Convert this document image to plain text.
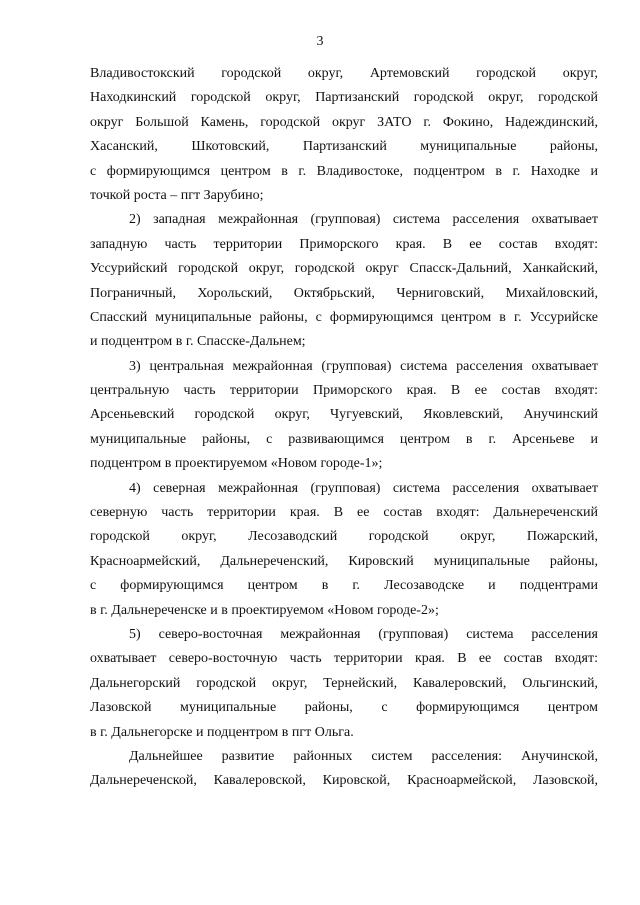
3
Владивостокский городской округ, Артемовский городской округ,
Находкинский городской округ, Партизанский городской округ, городской
округ Большой Камень, городской округ ЗАТО г. Фокино, Надеждинский,
Хасанский, Шкотовский, Партизанский муниципальные районы,
с формирующимся центром в г. Владивостоке, подцентром в г. Находке и
точкой роста – пгт Зарубино;
2) западная межрайонная (групповая) система расселения охватывает
западную часть территории Приморского края. В ее состав входят:
Уссурийский городской округ, городской округ Спасск-Дальний, Ханкайский,
Пограничный, Хорольский, Октябрьский, Черниговский, Михайловский,
Спасский муниципальные районы, с формирующимся центром в г. Уссурийске
и подцентром в г. Спасске-Дальнем;
3) центральная межрайонная (групповая) система расселения охватывает
центральную часть территории Приморского края. В ее состав входят:
Арсеньевский городской округ, Чугуевский, Яковлевский, Анучинский
муниципальные районы, с развивающимся центром в г. Арсеньеве и
подцентром в проектируемом «Новом городе-1»;
4) северная межрайонная (групповая) система расселения охватывает
северную часть территории края. В ее состав входят: Дальнереченский
городской округ, Лесозаводский городской округ, Пожарский,
Красноармейский, Дальнереченский, Кировский муниципальные районы,
с формирующимся центром в г. Лесозаводске и подцентрами
в г. Дальнереченске и в проектируемом «Новом городе-2»;
5) северо-восточная межрайонная (групповая) система расселения
охватывает северо-восточную часть территории края. В ее состав входят:
Дальнегорский городской округ, Тернейский, Кавалеровский, Ольгинский,
Лазовской муниципальные районы, с формирующимся центром
в г. Дальнегорске и подцентром в пгт Ольга.
Дальнейшее развитие районных систем расселения: Анучинской,
Дальнереченской, Кавалеровской, Кировской, Красноармейской, Лазовской,
